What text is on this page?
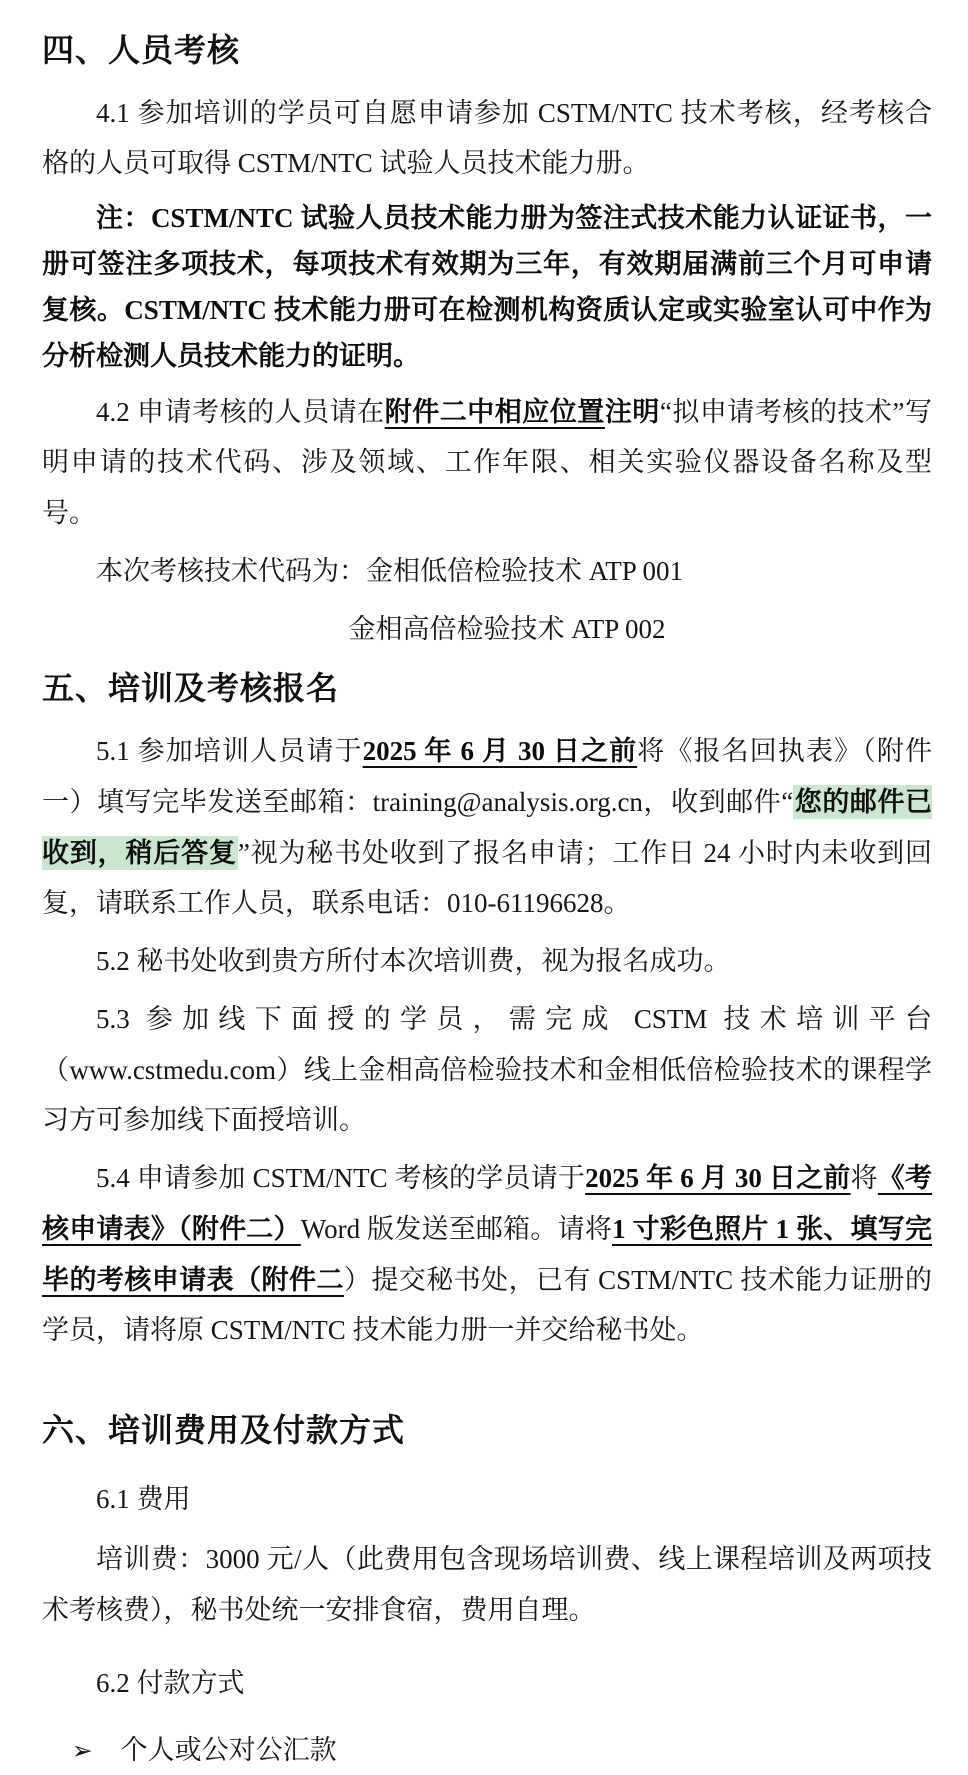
四、人员考核

4.1 参加培训的学员可自愿申请参加 CSTM/NTC 技术考核，经考核合格的人员可取得 CSTM/NTC 试验人员技术能力册。

注：CSTM/NTC 试验人员技术能力册为签注式技术能力认证证书，一册可签注多项技术，每项技术有效期为三年，有效期届满前三个月可申请复核。CSTM/NTC 技术能力册可在检测机构资质认定或实验室认可中作为分析检测人员技术能力的证明。

4.2 申请考核的人员请在附件二中相应位置注明“拟申请考核的技术”写明申请的技术代码、涉及领域、工作年限、相关实验仪器设备名称及型号。

本次考核技术代码为：金相低倍检验技术 ATP 001

金相高倍检验技术 ATP 002

五、培训及考核报名

5.1 参加培训人员请于2025 年 6 月 30 日之前将《报名回执表》（附件一）填写完毕发送至邮箱：training@analysis.org.cn，收到邮件“您的邮件已收到，稍后答复”视为秘书处收到了报名申请；工作日 24 小时内未收到回复，请联系工作人员，联系电话：010-61196628。

5.2 秘书处收到贵方所付本次培训费，视为报名成功。

5.3 参加线下面授的学员，需完成 CSTM 技术培训平台（www.cstmedu.com）线上金相高倍检验技术和金相低倍检验技术的课程学习方可参加线下面授培训。

5.4 申请参加 CSTM/NTC 考核的学员请于2025 年 6 月 30 日之前将《考核申请表》（附件二）Word 版发送至邮箱。请将1 寸彩色照片 1 张、填写完毕的考核申请表（附件二）提交秘书处，已有 CSTM/NTC 技术能力证册的学员，请将原 CSTM/NTC 技术能力册一并交给秘书处。

六、培训费用及付款方式

6.1 费用

培训费：3000 元/人（此费用包含现场培训费、线上课程培训及两项技术考核费），秘书处统一安排食宿，费用自理。

6.2 付款方式

➢ 个人或公对公汇款
